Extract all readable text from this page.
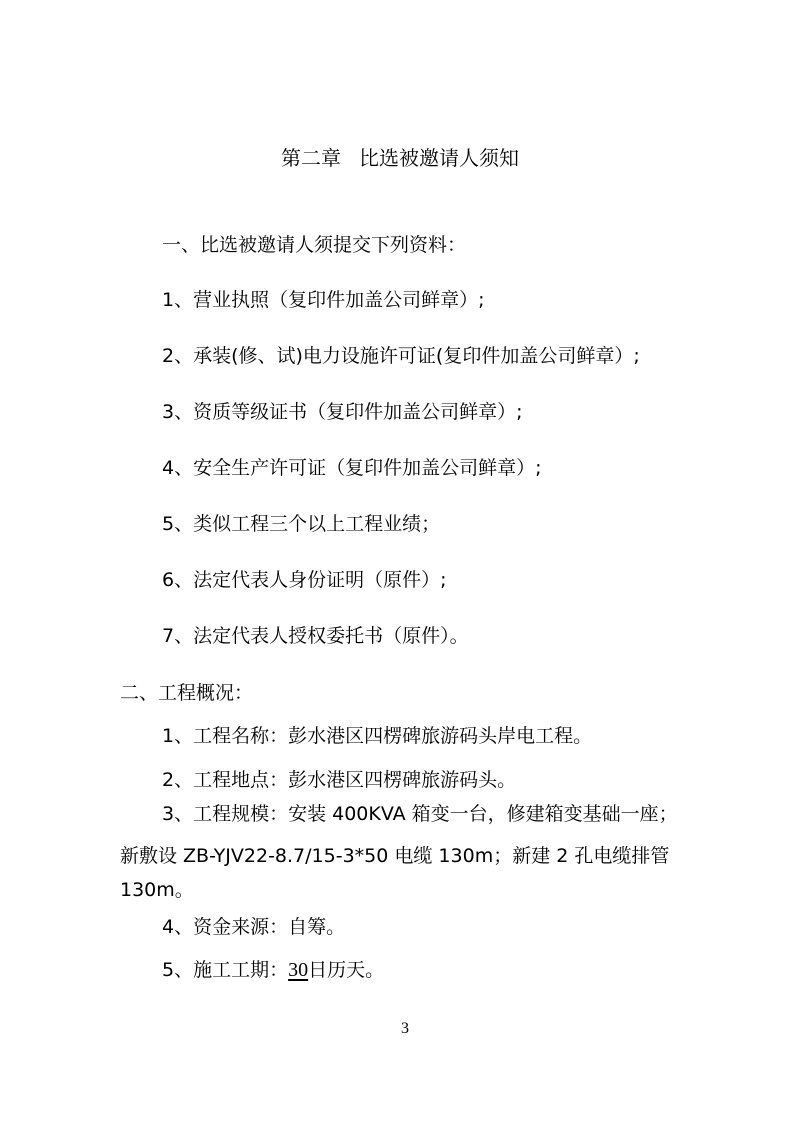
第二章 比选被邀请人须知
一、比选被邀请人须提交下列资料：
1、营业执照（复印件加盖公司鲜章）;
2、承装(修、试)电力设施许可证(复印件加盖公司鲜章）;
3、资质等级证书（复印件加盖公司鲜章）;
4、安全生产许可证（复印件加盖公司鲜章）;
5、类似工程三个以上工程业绩；
6、法定代表人身份证明（原件）;
7、法定代表人授权委托书（原件）。
二、工程概况：
1、工程名称：彭水港区四楞碑旅游码头岸电工程。
2、工程地点：彭水港区四楞碑旅游码头。
3、工程规模：安装 400KVA 箱变一台，修建箱变基础一座；
新敷设 ZB-YJV22-8.7/15-3*50 电缆 130m；新建 2 孔电缆排管
130m。
4、资金来源：自筹。
5、施工工期：30日历天。
3
